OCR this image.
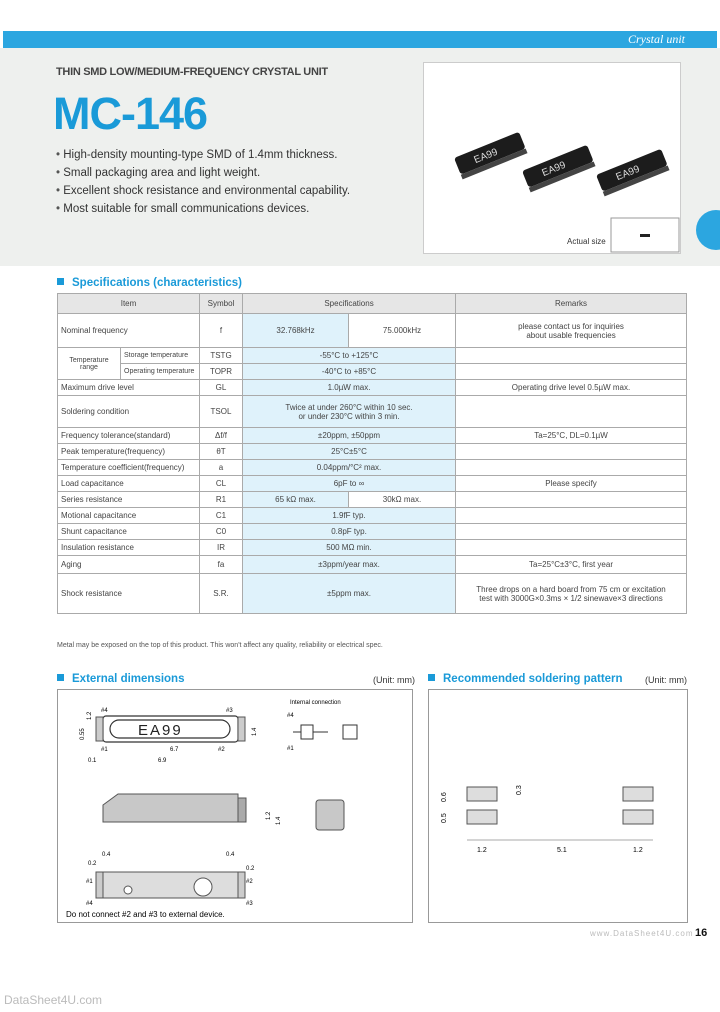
Crystal unit
THIN SMD LOW/MEDIUM-FREQUENCY CRYSTAL UNIT
MC-146
• High-density mounting-type SMD of 1.4mm thickness.
• Small packaging area and light weight.
• Excellent shock resistance and environmental capability.
• Most suitable for small communications devices.
EA99
EA99	EA99
Actual size
Specifications (characteristics)
Item		Symbol	Specifications		Remarks
Nominal frequency		f	32.768kHz	75.000kHz	please contact us for inquiries
about usable frequencies

Temperature range	Storage temperature	TSTG	-55°C to +125°C		
	Operating temperature	TOPR	-40°C to +85°C		
Maximum drive level		GL	1.0µW max.		Operating drive level 0.5µW max.
Soldering condition		TSOL	Twice at under 260°C within 10 sec.
or under 230°C within 3 min.		

Frequency tolerance(standard)		Δf/f	±20ppm, ±50ppm		Ta=25°C, DL=0.1µW
Peak temperature(frequency)		θT	25°C±5°C		
Temperature coefficient(frequency)		a	0.04ppm/°C² max.		
Load capacitance		CL	6pF to ∞		Please specify
Series resistance		R1	65 kΩ max.	30kΩ max.	
Motional capacitance		C1	1.9fF typ.		
Shunt capacitance		C0	0.8pF typ.		
Insulation resistance		IR	500 MΩ min.		
Aging		fa	±3ppm/year max.		Ta=25°C±3°C, first year
Shock resistance		S.R.	±5ppm max.		Three drops on a hard board from 75 cm or excitation
test with 3000G×0.3ms × 1/2 sinewave×3 directions
Metal may be exposed on the top of this product. This won't affect any quality, reliability or electrical spec.
External dimensions	(Unit: mm)
EA99
#4	#3
#1	#2
6.7
6.9
0.1
0.55
1.2
1.4
Internal connection
#4
#1
1.4
1.2
0.2
0.4	0.4
0.2
#1
#4
#2
#3
Do not connect #2 and #3 to external device.
Recommended soldering pattern (Unit: mm)
0.6
0.5
0.3
1.2	5.1	1.2
www.DataSheet4U.com 16
DataSheet4U.com
